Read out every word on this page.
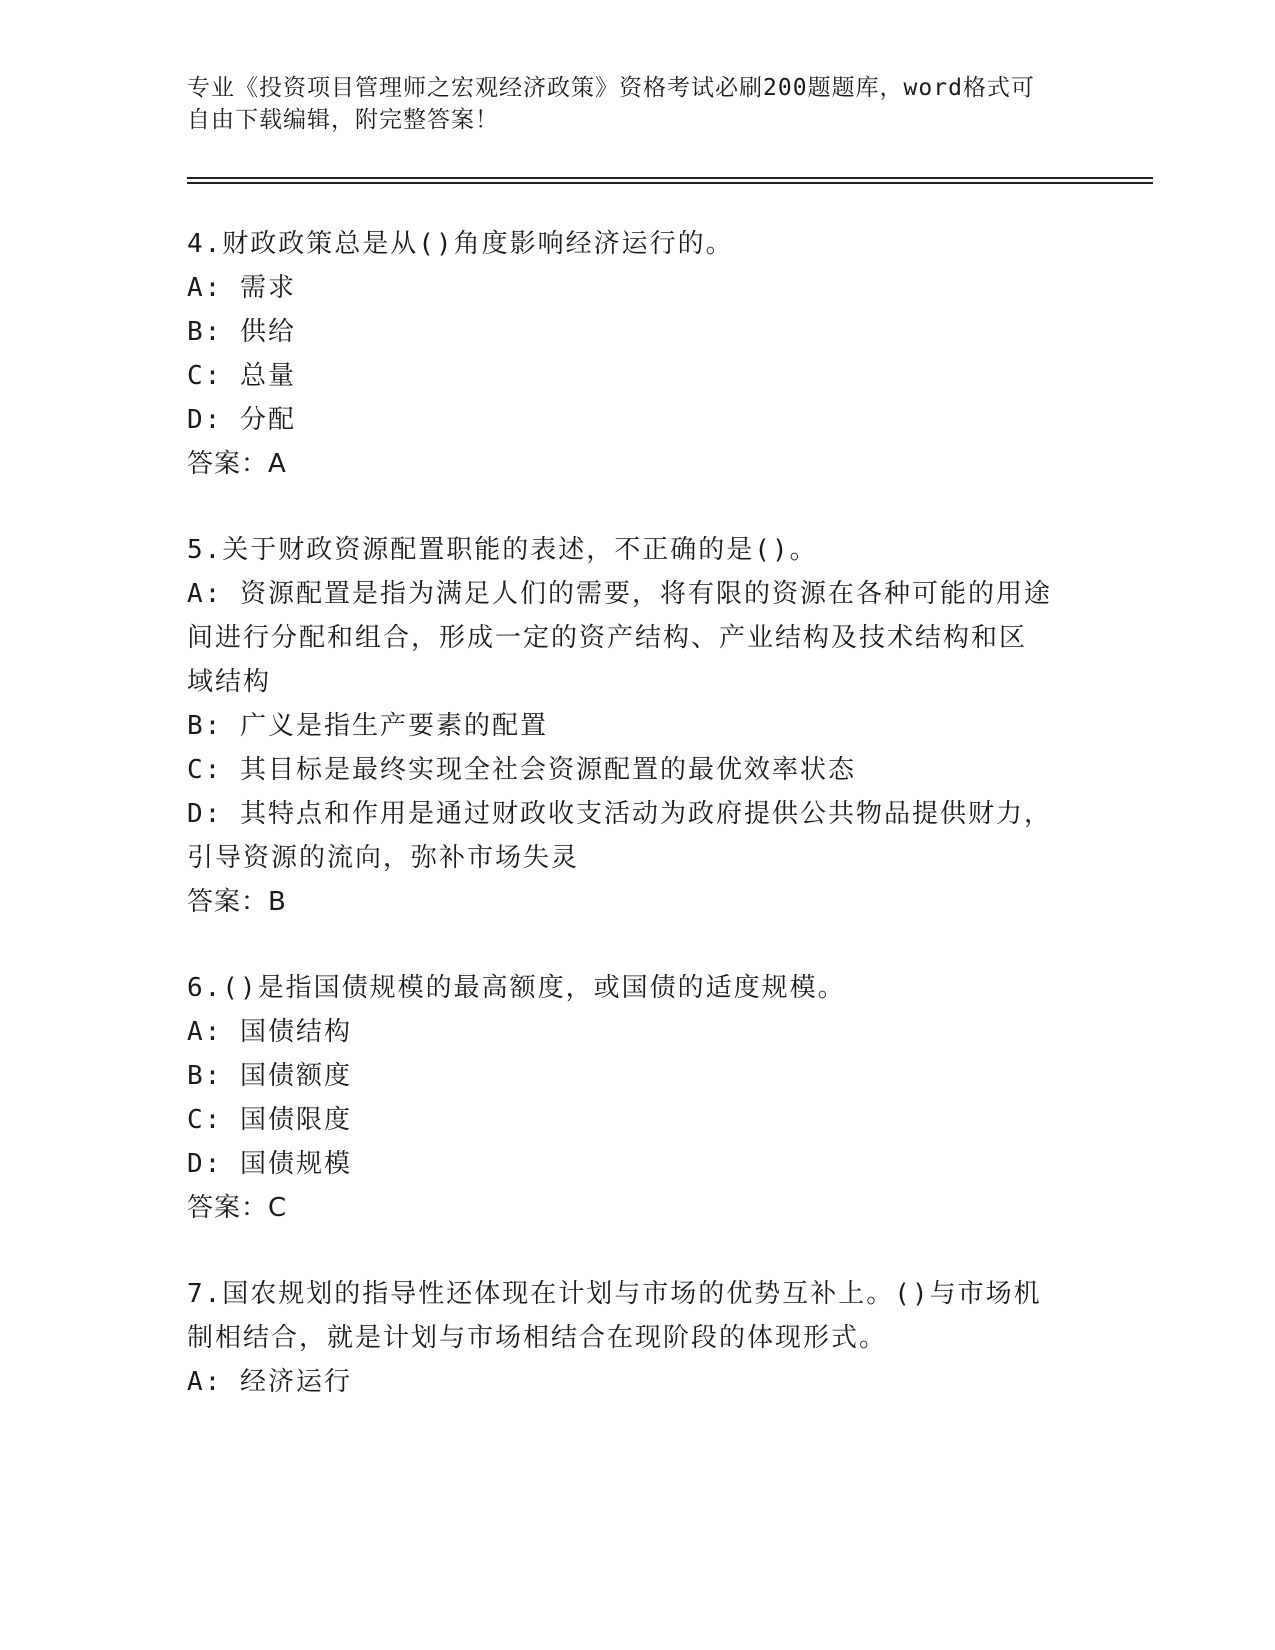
专业《投资项目管理师之宏观经济政策》资格考试必刷200题题库，word格式可
自由下载编辑，附完整答案！
4.财政政策总是从()角度影响经济运行的。
A: 需求
B: 供给
C: 总量
D: 分配
答案：A
5.关于财政资源配置职能的表述，不正确的是()。
A: 资源配置是指为满足人们的需要，将有限的资源在各种可能的用途
间进行分配和组合，形成一定的资产结构、产业结构及技术结构和区
域结构
B: 广义是指生产要素的配置
C: 其目标是最终实现全社会资源配置的最优效率状态
D: 其特点和作用是通过财政收支活动为政府提供公共物品提供财力，
引导资源的流向，弥补市场失灵
答案：B
6.()是指国债规模的最高额度，或国债的适度规模。
A: 国债结构
B: 国债额度
C: 国债限度
D: 国债规模
答案：C
7.国农规划的指导性还体现在计划与市场的优势互补上。()与市场机
制相结合，就是计划与市场相结合在现阶段的体现形式。
A: 经济运行
